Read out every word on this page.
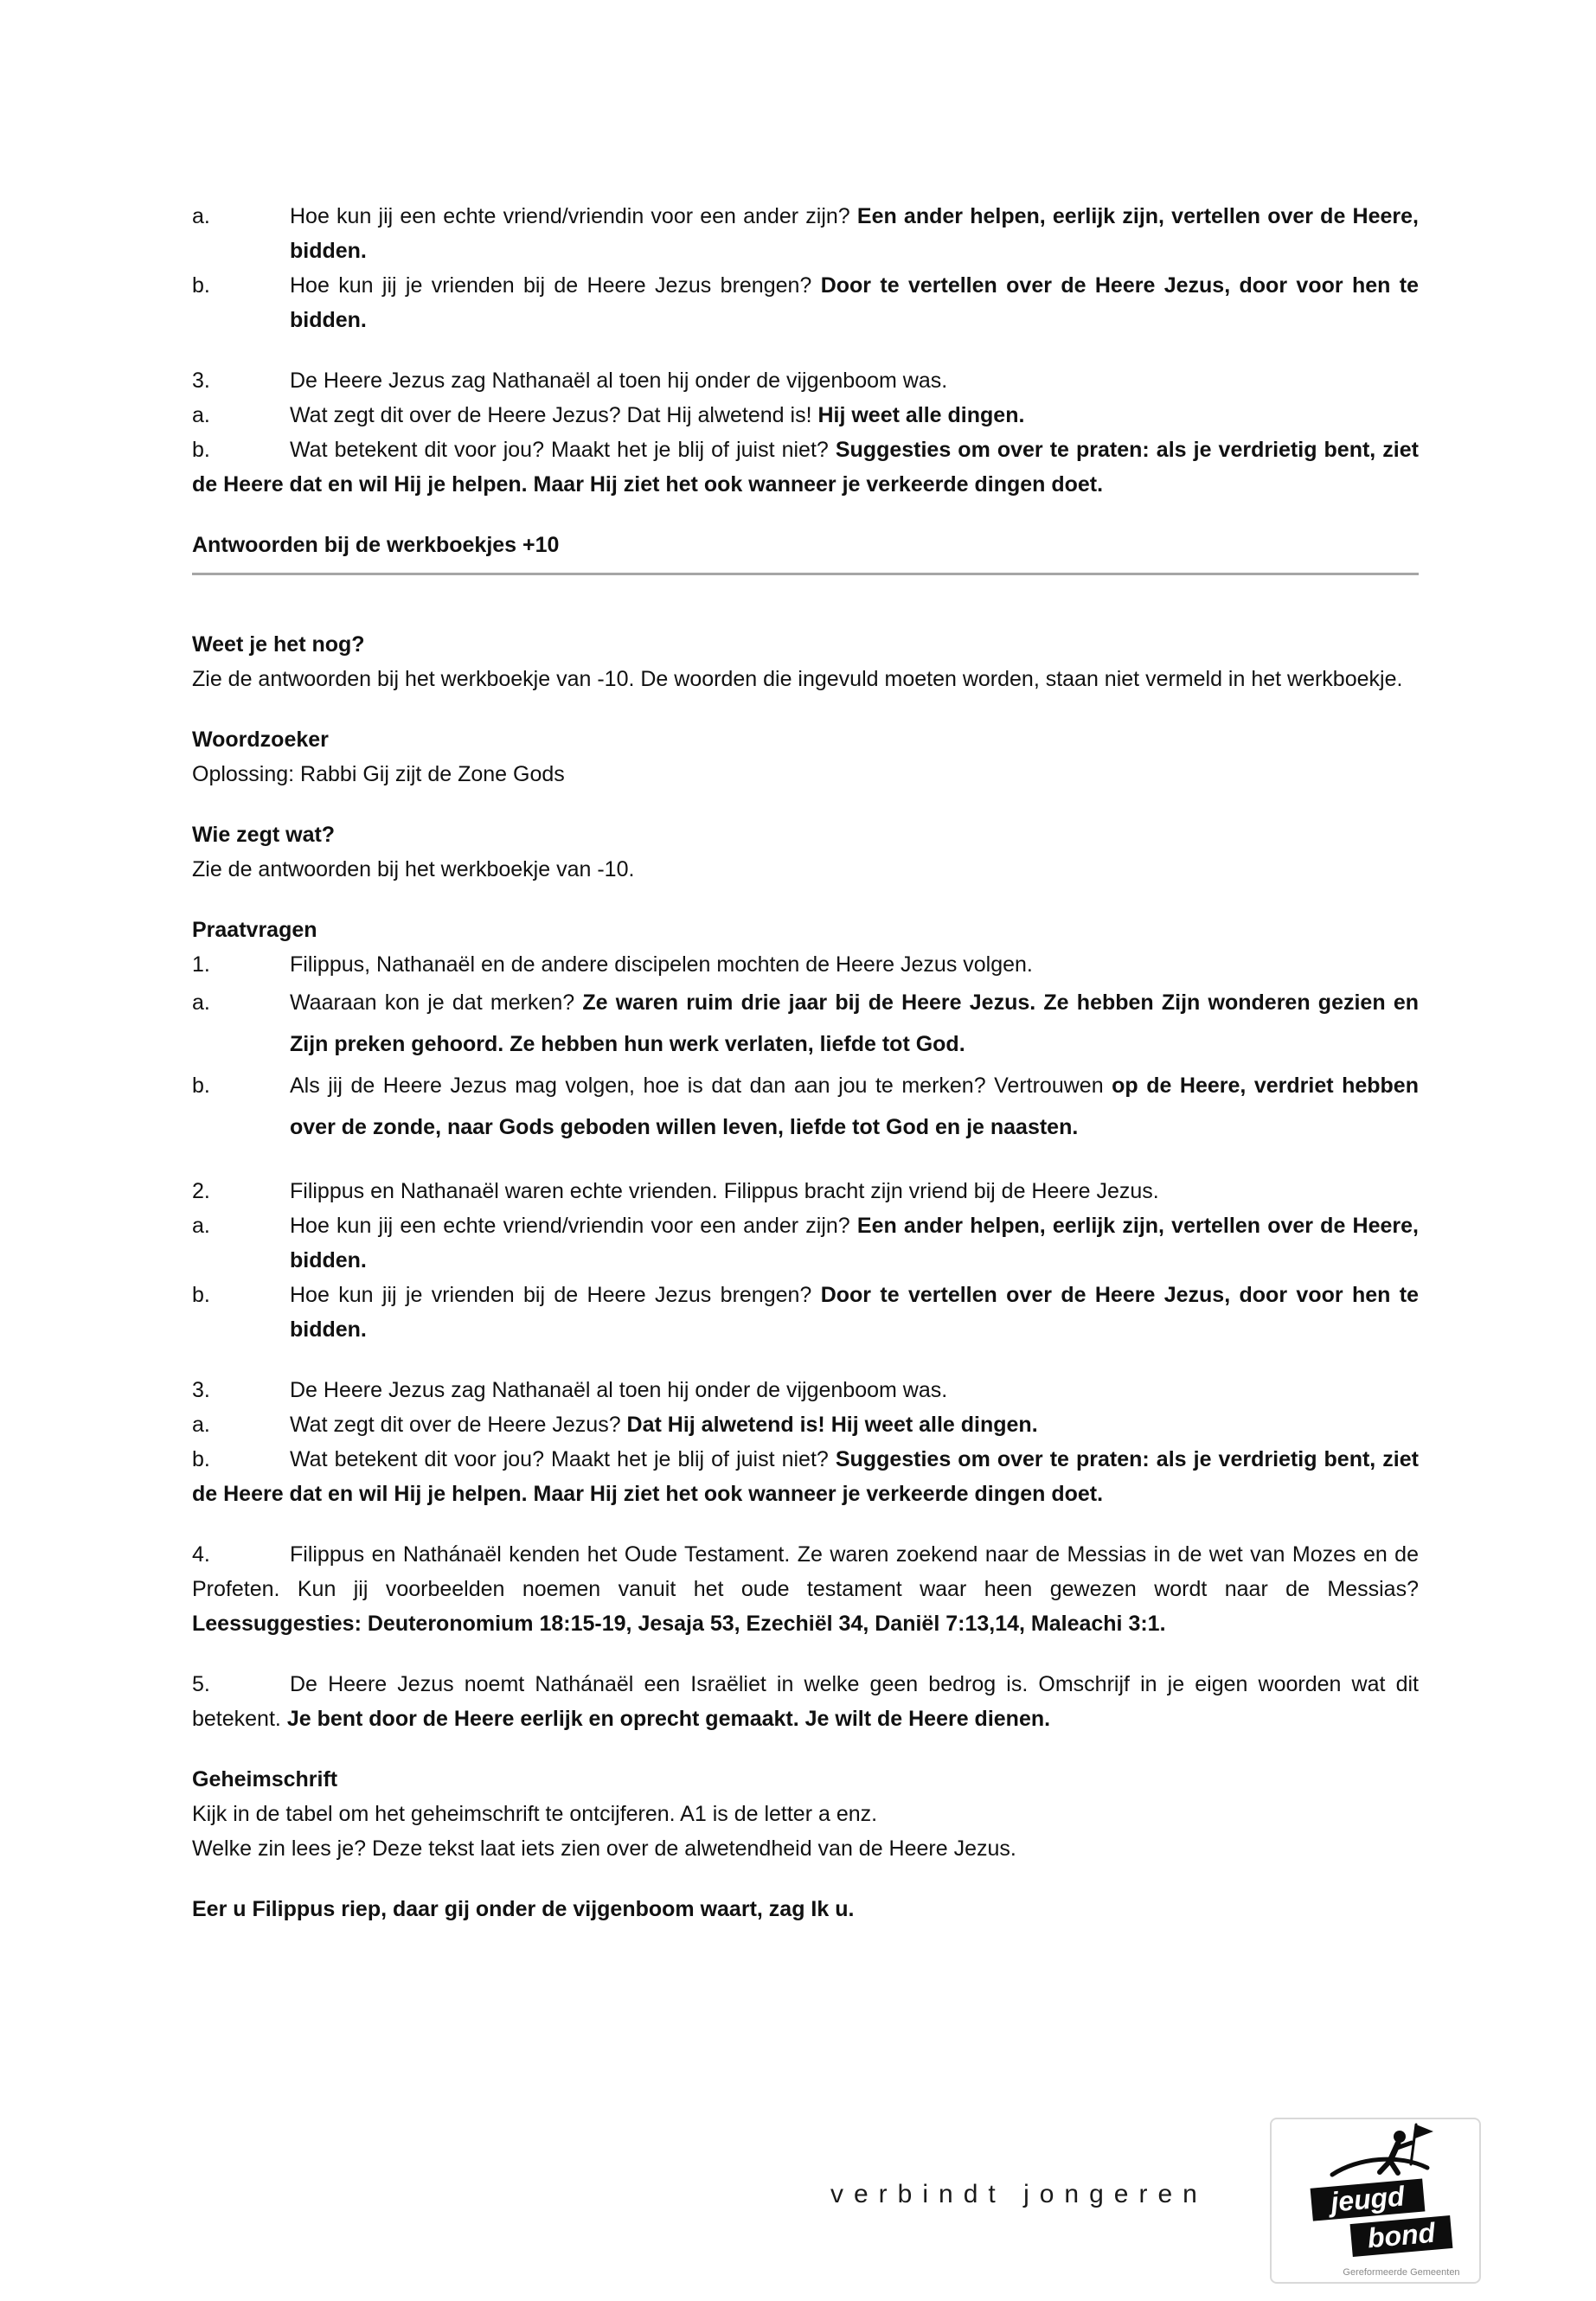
a.	Hoe kun jij een echte vriend/vriendin voor een ander zijn? Een ander helpen, eerlijk zijn, vertellen over de Heere, bidden.
b.	Hoe kun jij je vrienden bij de Heere Jezus brengen? Door te vertellen over de Heere Jezus, door voor hen te bidden.
3.	De Heere Jezus zag Nathanaël al toen hij onder de vijgenboom was.
a.	Wat zegt dit over de Heere Jezus? Dat Hij alwetend is! Hij weet alle dingen.
b.	Wat betekent dit voor jou? Maakt het je blij of juist niet? Suggesties om over te praten: als je verdrietig bent, ziet de Heere dat en wil Hij je helpen. Maar Hij ziet het ook wanneer je verkeerde dingen doet.
Antwoorden bij de werkboekjes +10
Weet je het nog?
Zie de antwoorden bij het werkboekje van -10. De woorden die ingevuld moeten worden, staan niet vermeld in het werkboekje.
Woordzoeker
Oplossing: Rabbi Gij zijt de Zone Gods
Wie zegt wat?
Zie de antwoorden bij het werkboekje van -10.
Praatvragen
1.	Filippus, Nathanaël en de andere discipelen mochten de Heere Jezus volgen.
a.	Waaraan kon je dat merken? Ze waren ruim drie jaar bij de Heere Jezus. Ze hebben Zijn wonderen gezien en Zijn preken gehoord. Ze hebben hun werk verlaten, liefde tot God.
b.	Als jij de Heere Jezus mag volgen, hoe is dat dan aan jou te merken? Vertrouwen op de Heere, verdriet hebben over de zonde, naar Gods geboden willen leven, liefde tot God en je naasten.
2.	Filippus en Nathanaël waren echte vrienden. Filippus bracht zijn vriend bij de Heere Jezus.
a.	Hoe kun jij een echte vriend/vriendin voor een ander zijn? Een ander helpen, eerlijk zijn, vertellen over de Heere, bidden.
b.	Hoe kun jij je vrienden bij de Heere Jezus brengen? Door te vertellen over de Heere Jezus, door voor hen te bidden.
3.	De Heere Jezus zag Nathanaël al toen hij onder de vijgenboom was.
a.	Wat zegt dit over de Heere Jezus? Dat Hij alwetend is! Hij weet alle dingen.
b.	Wat betekent dit voor jou? Maakt het je blij of juist niet? Suggesties om over te praten: als je verdrietig bent, ziet de Heere dat en wil Hij je helpen. Maar Hij ziet het ook wanneer je verkeerde dingen doet.
4.	Filippus en Nathánaël kenden het Oude Testament. Ze waren zoekend naar de Messias in de wet van Mozes en de Profeten. Kun jij voorbeelden noemen vanuit het oude testament waar heen gewezen wordt naar de Messias? Leessuggesties: Deuteronomium 18:15-19, Jesaja 53, Ezechiël 34, Daniël 7:13,14, Maleachi 3:1.
5.	De Heere Jezus noemt Nathánaël een Israëliet in welke geen bedrog is. Omschrijf in je eigen woorden wat dit betekent. Je bent door de Heere eerlijk en oprecht gemaakt. Je wilt de Heere dienen.
Geheimschrift
Kijk in de tabel om het geheimschrift te ontcijferen. A1 is de letter a enz.
Welke zin lees je? Deze tekst laat iets zien over de alwetendheid van de Heere Jezus.
Eer u Filippus riep, daar gij onder de vijgenboom waart, zag Ik u.
verbindt jongeren	jeugd
bond
Gereformeerde Gemeenten
